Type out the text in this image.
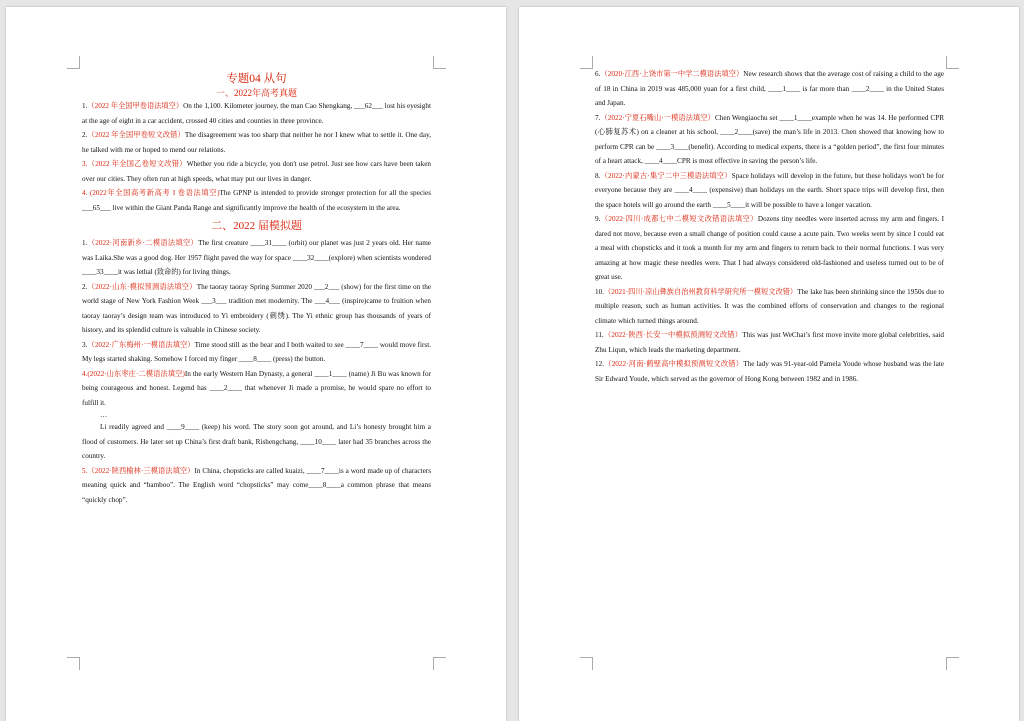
专题04 从句
一、2022年高考真题

1.（2022 年全国甲卷语法填空）On the 1,100. Kilometer journey, the man Cao Shengkang, ___62___ lost his eyesight at the age of eight in a car accident, crossed 40 cities and counties in three province.

2.（2022 年全国甲卷短文改错）The disagreement was too sharp that neither he nor I knew what to settle it. One day, he talked with me or hoped to mend our relations.

3.（2022 年全国乙卷短文改错）Whether you ride a bicycle, you don't use petrol. Just see how cars have been taken over our cities. They often run at high speeds, what may put our lives in danger.

4. (2022年全国高考新高考 I 卷语法填空)The GPNP is intended to provide stronger protection for all the species ___65___ live within the Giant Panda Range and significantly improve the health of the ecosystem in the area.

二、2022 届模拟题

1.（2022·河南新乡·二模语法填空）The first creature ____31____ (orbit) our planet was just 2 years old. Her name was Laika.She was a good dog. Her 1957 flight paved the way for space ____32____(explore) when scientists wondered ____33____it was lethal (致命的) for living things.

2.（2022·山东·模拟预测语法填空）The taoray taoray Spring Summer 2020 ___2___ (show) for the first time on the world stage of New York Fashion Week ___3___ tradition met modernity. The ___4___ (inspire)came to fruition when taoray taoray’s design team was introduced to Yi embroidery (刺绣). The Yi ethnic group has thousands of years of history, and its splendid culture is valuable in Chinese society.

3.（2022·广东梅州·一模语法填空）Time stood still as the bear and I both waited to see ____7____ would move first. My legs started shaking. Somehow I forced my finger ____8____ (press) the button.

4.(2022·山东枣庄·二模语法填空)In the early Western Han Dynasty, a general ____1____ (name) Ji Bu was known for being courageous and honest. Legend has ____2____ that whenever Ji made a promise, he would spare no effort to fulfill it.

…

Li readily agreed and ____9____ (keep) his word. The story soon got around, and Li’s honesty brought him a flood of customers. He later set up China’s first draft bank, Rishengchang, ____10____ later had 35 branches across the country.

5.（2022·陕西榆林·三模语法填空）In China, chopsticks are called kuaizi, ____7____is a word made up of characters meaning quick and “bamboo”. The English word “chopsticks” may come____8____a common phrase that means “quickly chop”.

6.（2020·江西·上饶市第一中学二模语法填空）New research shows that the average cost of raising a child to the age of 18 in China in 2019 was 485,000 yuan for a first child, ____1____ is far more than ____2____ in the United States and Japan.

7.（2022·宁夏石嘴山·一模语法填空）Chen Wengiaochu set ____1____example when he was 14. He performed CPR (心肺复苏术) on a cleaner at his school, ____2____(save) the man’s life in 2013. Chen showed that knowing how to perform CPR can be ____3____(benefit). According to medical experts, there is a “golden period”, the first four minutes of a heart attack, ____4____CPR is most effective in saving the person’s life.

8.（2022·内蒙古·集宁二中三模语法填空）Space holidays will develop in the future, but these holidays won't be for everyone because they are ____4____ (expensive) than holidays on the earth. Short space trips will develop first, then the space hotels will go around the earth ____5____it will be possible to have a longer vacation.

9.（2022·四川·成都七中二模短文改错语法填空）Dozens tiny needles were inserted across my arm and fingers. I dared not move, because even a small change of position could cause a acute pain. Two weeks went by since I could eat a meal with chopsticks and it took a month for my arm and fingers to return back to their normal functions. I was very amazing at how magic these needles were. That I had always considered old-fashioned and useless turned out to be of great use.

10.（2021·四川·凉山彝族自治州教育科学研究所一模短文改错）The lake has been shrinking since the 1950s due to multiple reason, such as human activities. It was the combined efforts of conservation and changes to the regional climate which turned things around.

11.（2022·陕西·长安一中模拟预测短文改错）This was just WeChat’s first move invite more global celebrities, said Zhu Liqun, which leads the marketing department.

12.（2022·河南·鹤壁高中模拟预测短文改错）The lady was 91-year-old Pamela Youde whose husband was the late Sir Edward Youde, which served as the governor of Hong Kong between 1982 and in 1986.
